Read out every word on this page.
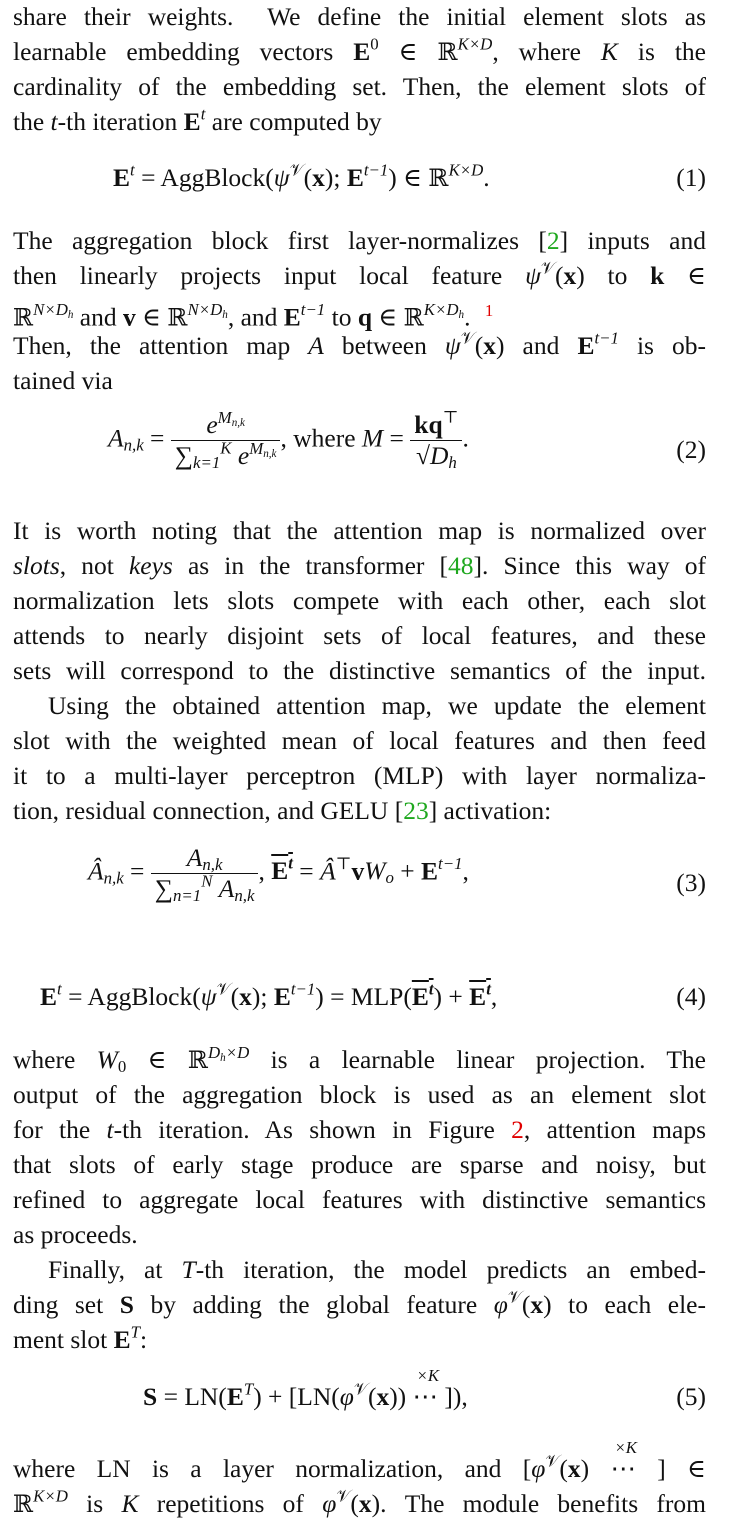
share their weights.  We define the initial element slots as
learnable embedding vectors $E^0$ ∈ ℝ$^{K\times D}$, where K is the
cardinality of the embedding set. Then, the element slots of
the t-th iteration $E^t$ are computed by
$E^t$ = $AggBlock(\psi^𝒱(x)$; $E^{t-1}$) ∈ ℝ$^{K\times D}$.	(1)
The aggregation block first layer-normalizes [2] inputs and
then linearly projects input local feature $\psi^𝒱(x)$ to k ∈
ℝ$^{N\times D_h}$ and v ∈ ℝ$^{N\times D_h}$, and $E^{t-1}$ to q ∈ ℝ$^{K\times D_h}$. $^1$
Then, the attention map A between $\psi^𝒱(x)$ and $E^{t-1}$ is ob-
tained via
$A_{n,k} = \frac{e^{M_{n,k}}}{\sum_{k=1}^K e^{M_{n,k}}}$ , where $M = \frac{kq^⊤}{√D_h}$ .	(2)
It is worth noting that the attention map is normalized over
slots, not keys as in the transformer [48]. Since this way of
normalization lets slots compete with each other, each slot
attends to nearly disjoint sets of local features, and these
sets will correspond to the distinctive semantics of the input.
Using the obtained attention map, we update the element
slot with the weighted mean of local features and then feed
it to a multi-layer perceptron (MLP) with layer normaliza-
tion, residual connection, and GELU [23] activation:
$Â_{n,k} = \frac{A_{n,k}}{\sum_{n=1}^N A_{n,k}}$ , $E^t$ = $Â^⊤vW_o + E^{t-1}$,	(3)
$E^t$ = $AggBlock(\psi^𝒱(x)$; $E^{t-1}) = MLP(E^t) + E^t$,	(4)
where $W_0$ ∈ ℝ$^{D_h\times D}$ is a learnable linear projection. The
output of the aggregation block is used as an element slot
for the t-th iteration. As shown in Figure 2, attention maps
that slots of early stage produce are sparse and noisy, but
refined to aggregate local features with distinctive semantics
as proceeds.
Finally, at T-th iteration, the model predicts an embed-
ding set S by adding the global feature $\varphi^𝒱(x)$ to each ele-
ment slot $E^T$:
$S = LN(E^T) + [LN(\varphi^𝒱(x))$ ⋯
×K
]),	(5)
where LN is a layer normalization, and [$\varphi^𝒱(x)$ ⋯
×K
] ∈
ℝ$^{K\times D}$ is K repetitions of $\varphi^𝒱(x)$. The module benefits from
